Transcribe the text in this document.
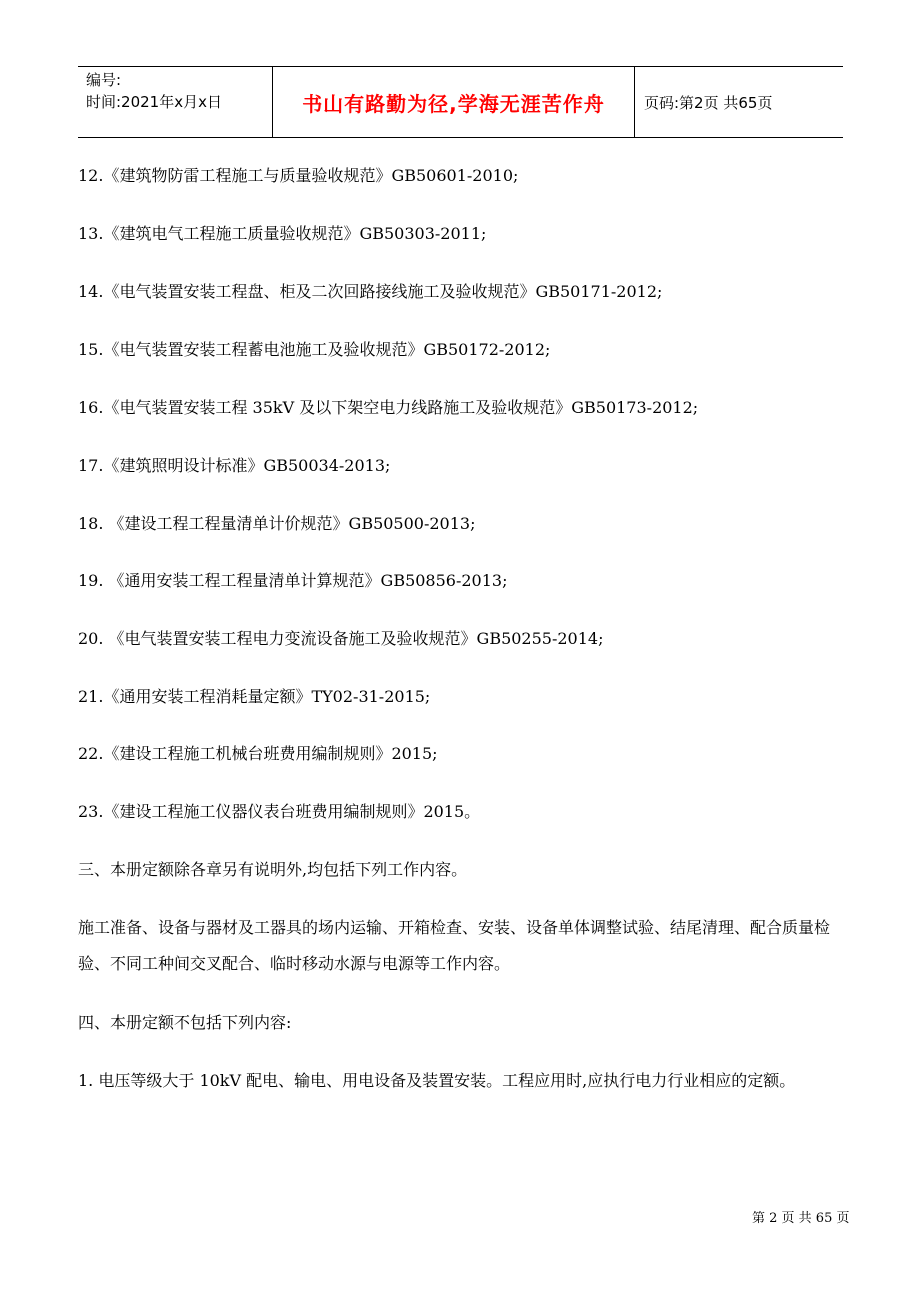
编号:
时间:2021年x月x日	书山有路勤为径,学海无涯苦作舟	页码:第2页 共65页
12.《建筑物防雷工程施工与质量验收规范》GB50601-2010;
13.《建筑电气工程施工质量验收规范》GB50303-2011;
14.《电气装置安装工程盘、柜及二次回路接线施工及验收规范》GB50171-2012;
15.《电气装置安装工程蓄电池施工及验收规范》GB50172-2012;
16.《电气装置安装工程 35kV 及以下架空电力线路施工及验收规范》GB50173-2012;
17.《建筑照明设计标准》GB50034-2013;
18. 《建设工程工程量清单计价规范》GB50500-2013;
19. 《通用安装工程工程量清单计算规范》GB50856-2013;
20. 《电气装置安装工程电力变流设备施工及验收规范》GB50255-2014;
21.《通用安装工程消耗量定额》TY02-31-2015;
22.《建设工程施工机械台班费用编制规则》2015;
23.《建设工程施工仪器仪表台班费用编制规则》2015。
三、本册定额除各章另有说明外,均包括下列工作内容。
施工准备、设备与器材及工器具的场内运输、开箱检查、安装、设备单体调整试验、结尾清理、配合质量检验、不同工种间交叉配合、临时移动水源与电源等工作内容。
四、本册定额不包括下列内容:
1. 电压等级大于 10kV 配电、输电、用电设备及装置安装。工程应用时,应执行电力行业相应的定额。
第 2 页 共 65 页
